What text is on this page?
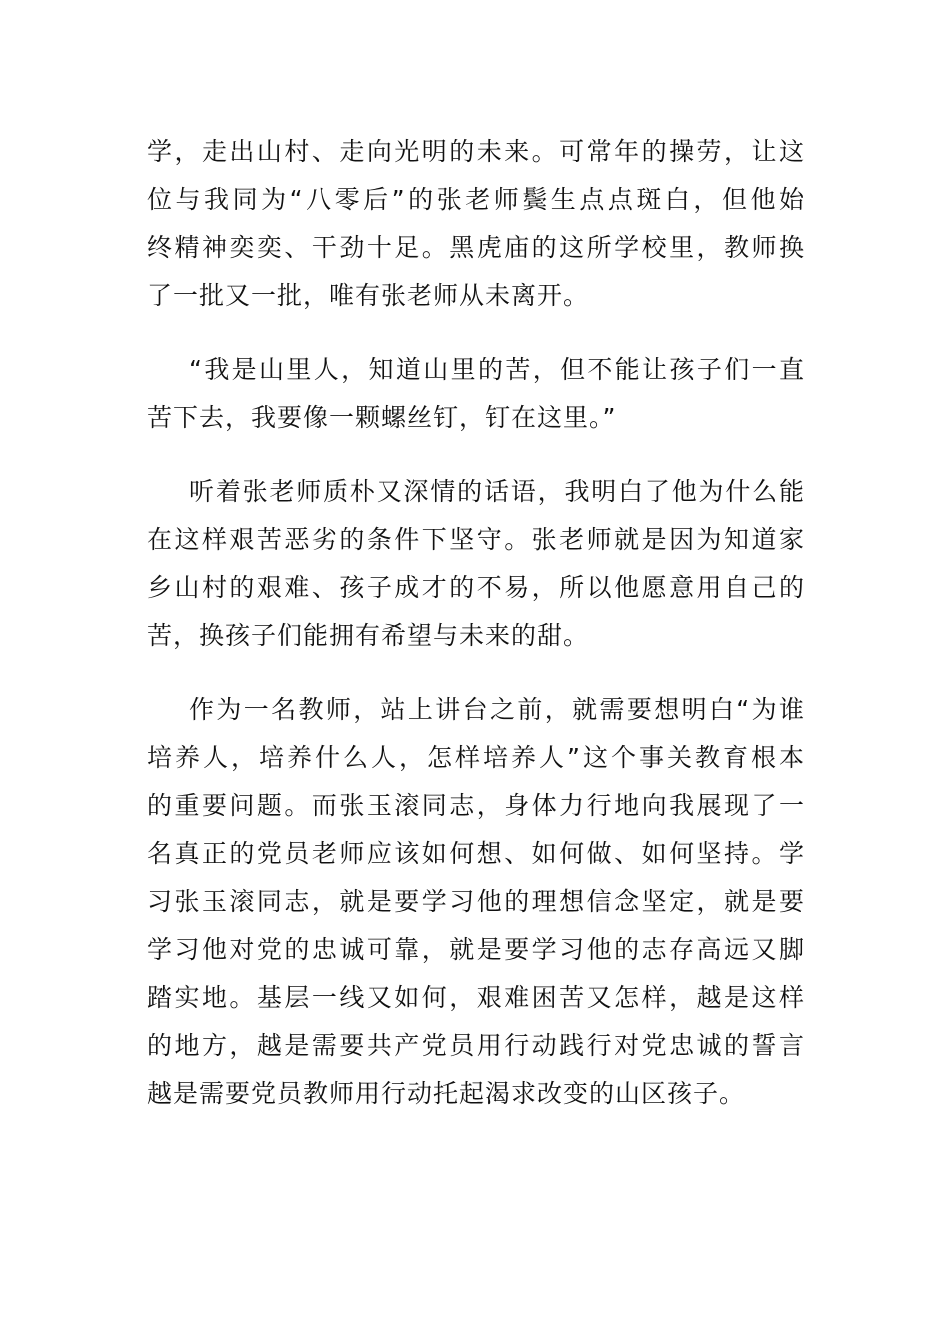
学，走出山村、走向光明的未来。可常年的操劳，让这
位与我同为“八零后”的张老师鬓生点点斑白，但他始
终精神奕奕、干劲十足。黑虎庙的这所学校里，教师换
了一批又一批，唯有张老师从未离开。
“我是山里人，知道山里的苦，但不能让孩子们一直
苦下去，我要像一颗螺丝钉，钉在这里。”
听着张老师质朴又深情的话语，我明白了他为什么能
在这样艰苦恶劣的条件下坚守。张老师就是因为知道家
乡山村的艰难、孩子成才的不易，所以他愿意用自己的
苦，换孩子们能拥有希望与未来的甜。
作为一名教师，站上讲台之前，就需要想明白“为谁
培养人，培养什么人，怎样培养人”这个事关教育根本
的重要问题。而张玉滚同志，身体力行地向我展现了一
名真正的党员老师应该如何想、如何做、如何坚持。学
习张玉滚同志，就是要学习他的理想信念坚定，就是要
学习他对党的忠诚可靠，就是要学习他的志存高远又脚
踏实地。基层一线又如何，艰难困苦又怎样，越是这样
的地方，越是需要共产党员用行动践行对党忠诚的誓言
越是需要党员教师用行动托起渴求改变的山区孩子。
